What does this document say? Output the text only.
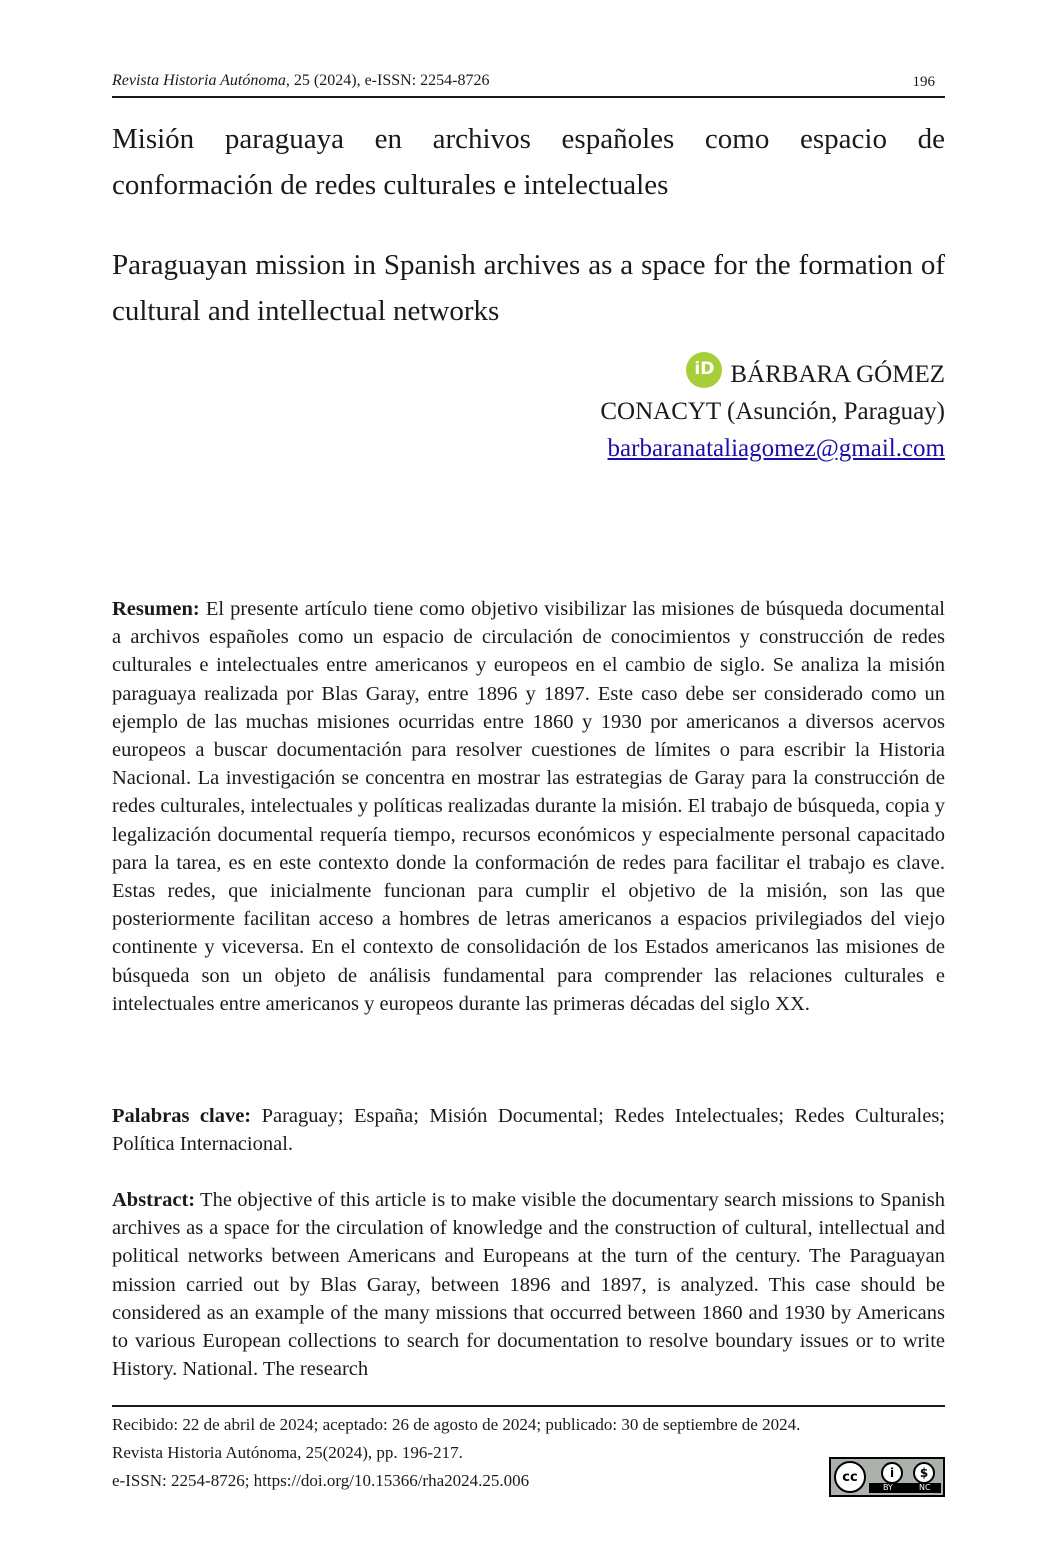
Revista Historia Autónoma, 25 (2024), e-ISSN: 2254-8726	196
Misión paraguaya en archivos españoles como espacio de conformación de redes culturales e intelectuales
Paraguayan mission in Spanish archives as a space for the formation of cultural and intellectual networks
iD BÁRBARA GÓMEZ
CONACYT (Asunción, Paraguay)
barbaranataliagomez@gmail.com
Resumen: El presente artículo tiene como objetivo visibilizar las misiones de búsqueda documental a archivos españoles como un espacio de circulación de conocimientos y construcción de redes culturales e intelectuales entre americanos y europeos en el cambio de siglo. Se analiza la misión paraguaya realizada por Blas Garay, entre 1896 y 1897. Este caso debe ser considerado como un ejemplo de las muchas misiones ocurridas entre 1860 y 1930 por americanos a diversos acervos europeos a buscar documentación para resolver cuestiones de límites o para escribir la Historia Nacional. La investigación se concentra en mostrar las estrategias de Garay para la construcción de redes culturales, intelectuales y políticas realizadas durante la misión. El trabajo de búsqueda, copia y legalización documental requería tiempo, recursos económicos y especialmente personal capacitado para la tarea, es en este contexto donde la conformación de redes para facilitar el trabajo es clave. Estas redes, que inicialmente funcionan para cumplir el objetivo de la misión, son las que posteriormente facilitan acceso a hombres de letras americanos a espacios privilegiados del viejo continente y viceversa. En el contexto de consolidación de los Estados americanos las misiones de búsqueda son un objeto de análisis fundamental para comprender las relaciones culturales e intelectuales entre americanos y europeos durante las primeras décadas del siglo XX.
Palabras clave: Paraguay; España; Misión Documental; Redes Intelectuales; Redes Culturales; Política Internacional.
Abstract: The objective of this article is to make visible the documentary search missions to Spanish archives as a space for the circulation of knowledge and the construction of cultural, intellectual and political networks between Americans and Europeans at the turn of the century. The Paraguayan mission carried out by Blas Garay, between 1896 and 1897, is analyzed. This case should be considered as an example of the many missions that occurred between 1860 and 1930 by Americans to various European collections to search for documentation to resolve boundary issues or to write History. National. The research
Recibido: 22 de abril de 2024; aceptado: 26 de agosto de 2024; publicado: 30 de septiembre de 2024.
Revista Historia Autónoma, 25(2024), pp. 196-217.
e-ISSN: 2254-8726; https://doi.org/10.15366/rha2024.25.006	cc	i	$
BY	NC
